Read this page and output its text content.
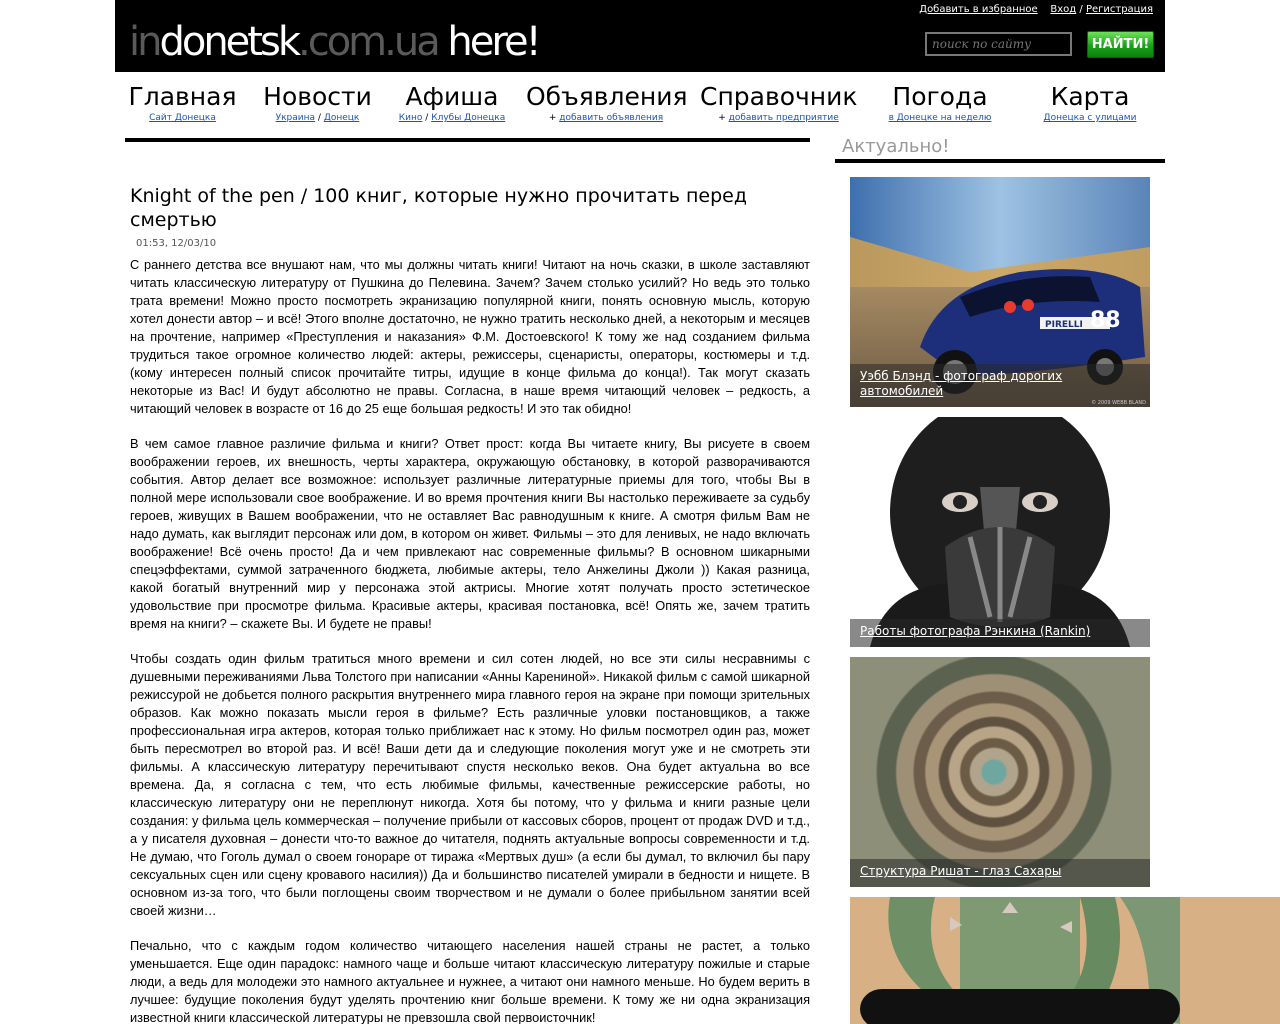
indonetsk.com.ua here!
Добавить в избранное Вход / Регистрация
поиск по сайту
НАЙТИ!
Главная
Сайт Донецка
Новости
Украина / Донецк
Афиша
Кино / Клубы Донецка
Объявления
+ добавить объявления
Справочник
+ добавить предприятие
Погода
в Донецке на неделю
Карта
Донецка с улицами
Актуально!
PIRELLI 88
Уэбб Блэнд - фотограф дорогих автомобилей
© 2009 WEBB BLAND
Работы фотографа Рэнкина (Rankin)
Структура Ришат - глаз Сахары
Knight of the pen / 100 книг, которые нужно прочитать перед смертью
01:53, 12/03/10

С раннего детства все внушают нам, что мы должны читать книги! Читают на ночь сказки, в школе заставляют читать классическую литературу от Пушкина до Пелевина. Зачем? Зачем столько усилий? Но ведь это только трата времени! Можно просто посмотреть экранизацию популярной книги, понять основную мысль, которую хотел донести автор – и всё! Этого вполне достаточно, не нужно тратить несколько дней, а некоторым и месяцев на прочтение, например «Преступления и наказания» Ф.М. Достоевского! К тому же над созданием фильма трудиться такое огромное количество людей: актеры, режиссеры, сценаристы, операторы, костюмеры и т.д. (кому интересен полный список прочитайте титры, идущие в конце фильма до конца!). Так могут сказать некоторые из Вас! И будут абсолютно не правы. Согласна, в наше время читающий человек – редкость, а читающий человек в возрасте от 16 до 25 еще большая редкость! И это так обидно!

В чем самое главное различие фильма и книги? Ответ прост: когда Вы читаете книгу, Вы рисуете в своем воображении героев, их внешность, черты характера, окружающую обстановку, в которой разворачиваются события. Автор делает все возможное: использует различные литературные приемы для того, чтобы Вы в полной мере использовали свое воображение. И во время прочтения книги Вы настолько переживаете за судьбу героев, живущих в Вашем воображении, что не оставляет Вас равнодушным к книге. А смотря фильм Вам не надо думать, как выглядит персонаж или дом, в котором он живет. Фильмы – это для ленивых, не надо включать воображение! Всё очень просто! Да и чем привлекают нас современные фильмы? В основном шикарными спецэффектами, суммой затраченного бюджета, любимые актеры, тело Анжелины Джоли )) Какая разница, какой богатый внутренний мир у персонажа этой актрисы. Многие хотят получать просто эстетическое удовольствие при просмотре фильма. Красивые актеры, красивая постановка, всё! Опять же, зачем тратить время на книги? – скажете Вы. И будете не правы!

Чтобы создать один фильм тратиться много времени и сил сотен людей, но все эти силы несравнимы с душевными переживаниями Льва Толстого при написании «Анны Карениной». Никакой фильм с самой шикарной режиссурой не добьется полного раскрытия внутреннего мира главного героя на экране при помощи зрительных образов. Как можно показать мысли героя в фильме? Есть различные уловки постановщиков, а также профессиональная игра актеров, которая только приближает нас к этому. Но фильм посмотрел один раз, может быть пересмотрел во второй раз. И всё! Ваши дети да и следующие поколения могут уже и не смотреть эти фильмы. А классическую литературу перечитывают спустя несколько веков. Она будет актуальна во все времена. Да, я согласна с тем, что есть любимые фильмы, качественные режиссерские работы, но классическую литературу они не переплюнут никогда. Хотя бы потому, что у фильма и книги разные цели создания: у фильма цель коммерческая – получение прибыли от кассовых сборов, процент от продаж DVD и т.д., а у писателя духовная – донести что-то важное до читателя, поднять актуальные вопросы современности и т.д. Не думаю, что Гоголь думал о своем гонораре от тиража «Мертвых душ» (а если бы думал, то включил бы пару сексуальных сцен или сцену кровавого насилия)) Да и большинство писателей умирали в бедности и нищете. В основном из-за того, что были поглощены своим творчеством и не думали о более прибыльном занятии всей своей жизни…

Печально, что с каждым годом количество читающего населения нашей страны не растет, а только уменьшается. Еще один парадокс: намного чаще и больше читают классическую литературу пожилые и старые люди, а ведь для молодежи это намного актуальнее и нужнее, а читают они намного меньше. Но будем верить в лучшее: будущие поколения будут уделять прочтению книг больше времени. К тому же ни одна экранизация известной книги классической литературы не превзошла свой первоисточник!
